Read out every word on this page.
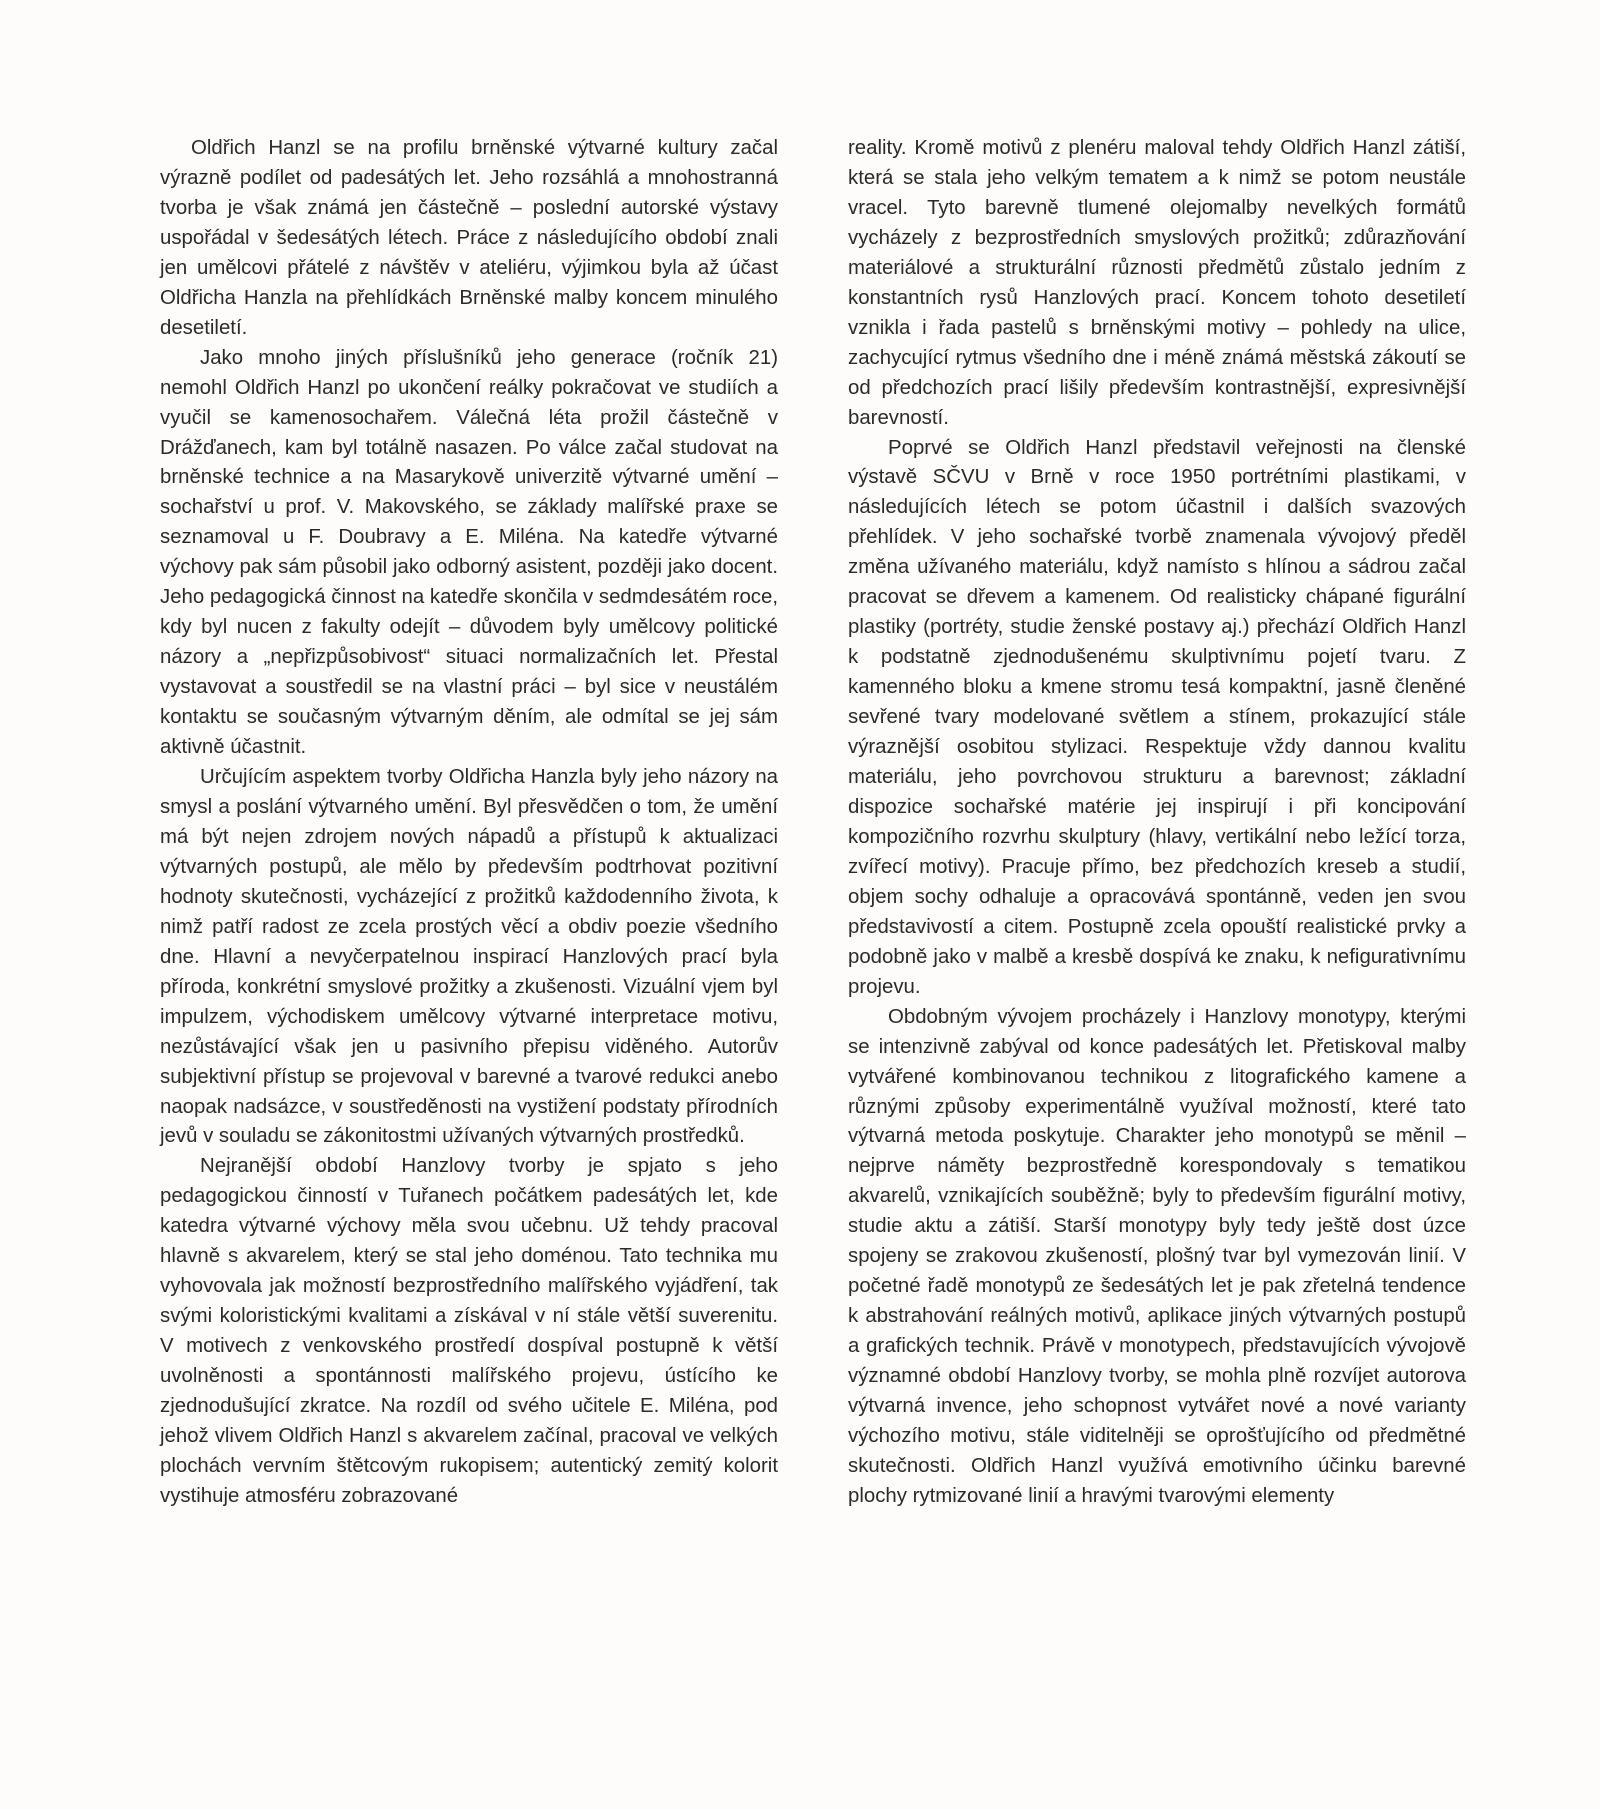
Oldřich Hanzl se na profilu brněnské výtvarné kultury začal výrazně podílet od padesátých let. Jeho rozsáhlá a mnohostranná tvorba je však známá jen částečně – poslední autorské výstavy uspořádal v šedesátých létech. Práce z následujícího období znali jen umělcovi přátelé z návštěv v ateliéru, výjimkou byla až účast Oldřicha Hanzla na přehlídkách Brněnské malby koncem minulého desetiletí.

Jako mnoho jiných příslušníků jeho generace (ročník 21) nemohl Oldřich Hanzl po ukončení reálky pokračovat ve studiích a vyučil se kamenosochařem. Válečná léta prožil částečně v Drážďanech, kam byl totálně nasazen. Po válce začal studovat na brněnské technice a na Masarykově univerzitě výtvarné umění – sochařství u prof. V. Makovského, se základy malířské praxe se seznamoval u F. Doubravy a E. Miléna. Na katedře výtvarné výchovy pak sám působil jako odborný asistent, později jako docent. Jeho pedagogická činnost na katedře skončila v sedmdesátém roce, kdy byl nucen z fakulty odejít – důvodem byly umělcovy politické názory a „nepřizpůsobivost“ situaci normalizačních let. Přestal vystavovat a soustředil se na vlastní práci – byl sice v neustálém kontaktu se současným výtvarným děním, ale odmítal se jej sám aktivně účastnit.

Určujícím aspektem tvorby Oldřicha Hanzla byly jeho názory na smysl a poslání výtvarného umění. Byl přesvědčen o tom, že umění má být nejen zdrojem nových nápadů a přístupů k aktualizaci výtvarných postupů, ale mělo by především podtrhovat pozitivní hodnoty skutečnosti, vycházející z prožitků každodenního života, k nimž patří radost ze zcela prostých věcí a obdiv poezie všedního dne. Hlavní a nevyčerpatelnou inspirací Hanzlových prací byla příroda, konkrétní smyslové prožitky a zkušenosti. Vizuální vjem byl impulzem, východiskem umělcovy výtvarné interpretace motivu, nezůstávající však jen u pasivního přepisu viděného. Autorův subjektivní přístup se projevoval v barevné a tvarové redukci anebo naopak nadsázce, v soustředěnosti na vystižení podstaty přírodních jevů v souladu se zákonitostmi užívaných výtvarných prostředků.

Nejranější období Hanzlovy tvorby je spjato s jeho pedagogickou činností v Tuřanech počátkem padesátých let, kde katedra výtvarné výchovy měla svou učebnu. Už tehdy pracoval hlavně s akvarelem, který se stal jeho doménou. Tato technika mu vyhovovala jak možností bezprostředního malířského vyjádření, tak svými koloristickými kvalitami a získával v ní stále větší suverenitu. V motivech z venkovského prostředí dospíval postupně k větší uvolněnosti a spontánnosti malířského projevu, ústícího ke zjednodušující zkratce. Na rozdíl od svého učitele E. Miléna, pod jehož vlivem Oldřich Hanzl s akvarelem začínal, pracoval ve velkých plochách vervním štětcovým rukopisem; autentický zemitý kolorit vystihuje atmosféru zobrazované

reality. Kromě motivů z plenéru maloval tehdy Oldřich Hanzl zátiší, která se stala jeho velkým tematem a k nimž se potom neustále vracel. Tyto barevně tlumené olejomalby nevelkých formátů vycházely z bezprostředních smyslových prožitků; zdůrazňování materiálové a strukturální různosti předmětů zůstalo jedním z konstantních rysů Hanzlových prací. Koncem tohoto desetiletí vznikla i řada pastelů s brněnskými motivy – pohledy na ulice, zachycující rytmus všedního dne i méně známá městská zákoutí se od předchozích prací lišily především kontrastnější, expresivnější barevností.

Poprvé se Oldřich Hanzl představil veřejnosti na členské výstavě SČVU v Brně v roce 1950 portrétními plastikami, v následujících létech se potom účastnil i dalších svazových přehlídek. V jeho sochařské tvorbě znamenala vývojový předěl změna užívaného materiálu, když namísto s hlínou a sádrou začal pracovat se dřevem a kamenem. Od realisticky chápané figurální plastiky (portréty, studie ženské postavy aj.) přechází Oldřich Hanzl k podstatně zjednodušenému skulptivnímu pojetí tvaru. Z kamenného bloku a kmene stromu tesá kompaktní, jasně členěné sevřené tvary modelované světlem a stínem, prokazující stále výraznější osobitou stylizaci. Respektuje vždy dannou kvalitu materiálu, jeho povrchovou strukturu a barevnost; základní dispozice sochařské matérie jej inspirují i při koncipování kompozičního rozvrhu skulptury (hlavy, vertikální nebo ležící torza, zvířecí motivy). Pracuje přímo, bez předchozích kreseb a studií, objem sochy odhaluje a opracovává spontánně, veden jen svou představivostí a citem. Postupně zcela opouští realistické prvky a podobně jako v malbě a kresbě dospívá ke znaku, k nefigurativnímu projevu.

Obdobným vývojem procházely i Hanzlovy monotypy, kterými se intenzivně zabýval od konce padesátých let. Přetiskoval malby vytvářené kombinovanou technikou z litografického kamene a různými způsoby experimentálně využíval možností, které tato výtvarná metoda poskytuje. Charakter jeho monotypů se měnil – nejprve náměty bezprostředně korespondovaly s tematikou akvarelů, vznikajících souběžně; byly to především figurální motivy, studie aktu a zátiší. Starší monotypy byly tedy ještě dost úzce spojeny se zrakovou zkušeností, plošný tvar byl vymezován linií. V početné řadě monotypů ze šedesátých let je pak zřetelná tendence k abstrahování reálných motivů, aplikace jiných výtvarných postupů a grafických technik. Právě v monotypech, představujících vývojově významné období Hanzlovy tvorby, se mohla plně rozvíjet autorova výtvarná invence, jeho schopnost vytvářet nové a nové varianty výchozího motivu, stále viditelněji se oprošťujícího od předmětné skutečnosti. Oldřich Hanzl využívá emotivního účinku barevné plochy rytmizované linií a hravými tvarovými elementy
